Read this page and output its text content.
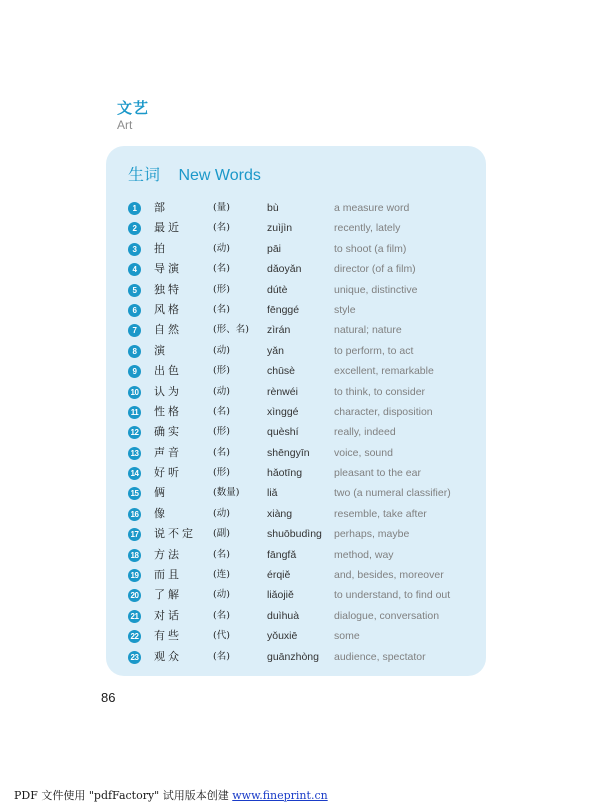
文艺
Art
生词 New Words
1	部	(量)	bù	a measure word
2	最近	(名)	zuìjìn	recently, lately
3	拍	(动)	pāi	to shoot (a film)
4	导演	(名)	dǎoyǎn	director (of a film)
5	独特	(形)	dútè	unique, distinctive
6	风格	(名)	fēnggé	style
7	自然	(形、名) zìrán	natural; nature
8	演	(动)	yǎn	to perform, to act
9	出色	(形)	chūsè	excellent, remarkable
10 认为	(动)	rènwéi	to think, to consider
11 性格	(名)	xìnggé	character, disposition
12 确实	(形)	quèshí	really, indeed
13 声音	(名)	shēngyīn voice, sound
14 好听	(形)	hǎotīng	pleasant to the ear
15 俩	(数量)	liǎ	two (a numeral classifier)
16 像	(动)	xiàng	resemble, take after
17 说不定 (副)	shuōbudìng perhaps, maybe
18 方法	(名)	fāngfǎ	method, way
19 而且	(连)	érqiě	and, besides, moreover
20 了解	(动)	liǎojiě	to understand, to find out
21 对话	(名)	duìhuà	dialogue, conversation
22 有些	(代)	yǒuxiē	some
23 观众	(名)	guānzhòng audience, spectator
86
PDF 文件使用 "pdfFactory" 试用版本创建 www.fineprint.cn
